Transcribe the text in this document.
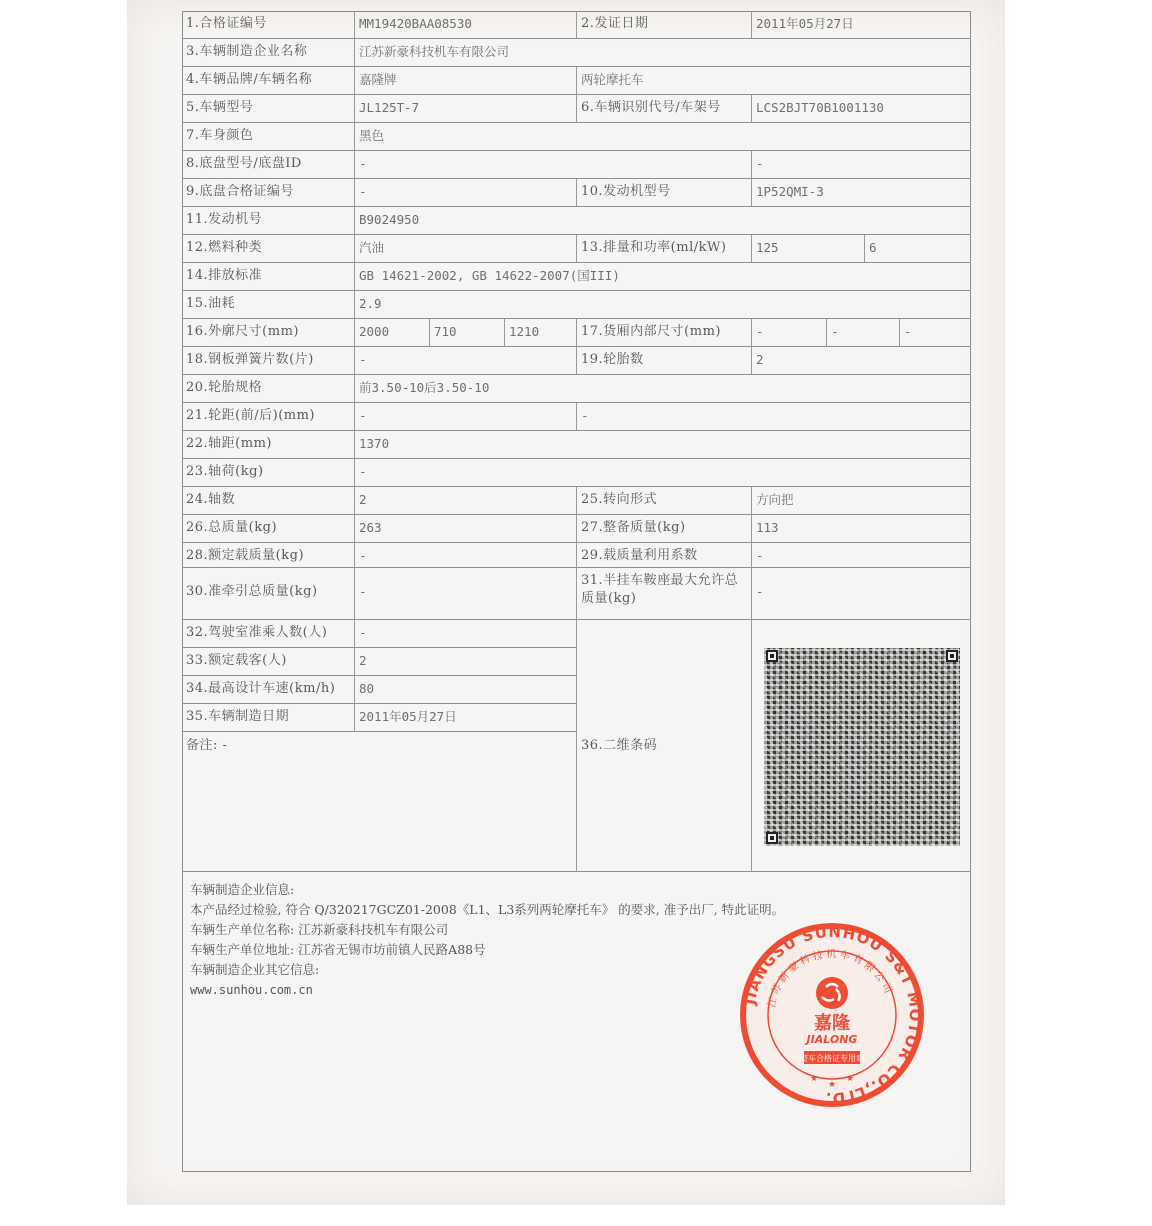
1.合格证编号	MM19420BAA08530	2.发证日期	2011年05月27日
3.车辆制造企业名称	江苏新豪科技机车有限公司
4.车辆品牌/车辆名称	嘉隆牌	两轮摩托车
5.车辆型号	JL125T-7	6.车辆识别代号/车架号	LCS2BJT70B1001130
7.车身颜色	黑色
8.底盘型号/底盘ID	-	-
9.底盘合格证编号	-	10.发动机型号	1P52QMI-3
11.发动机号	B9024950
12.燃料种类	汽油	13.排量和功率(ml/kW)	125	6
14.排放标准	GB 14621-2002, GB 14622-2007(国III)
15.油耗	2.9
16.外廓尺寸(mm)	2000	710	1210	17.货厢内部尺寸(mm)	-	-	-
18.钢板弹簧片数(片)	-	19.轮胎数	2
20.轮胎规格	前3.50-10后3.50-10
21.轮距(前/后)(mm)	-	-
22.轴距(mm)	1370
23.轴荷(kg)	-
24.轴数	2	25.转向形式	方向把
26.总质量(kg)	263	27.整备质量(kg)	113
28.额定载质量(kg)	-	29.载质量利用系数	-
30.准牵引总质量(kg)	-
31.半挂车鞍座最大允许总质量(kg)	-
32.驾驶室准乘人数(人)	-
33.额定载客(人)	2
34.最高设计车速(km/h)	80
35.车辆制造日期	2011年05月27日
备注: -	36.二维条码
车辆制造企业信息:
本产品经过检验, 符合 Q/320217GCZ01-2008《L1、L3系列两轮摩托车》 的要求, 准予出厂, 特此证明。
车辆生产单位名称: 江苏新豪科技机车有限公司
车辆生产单位地址: 江苏省无锡市坊前镇人民路A88号
车辆制造企业其它信息:
www.sunhou.com.cn
JIANGSU SUNHOU S&T MOTOR CO.,LTD.
江苏新豪科技机车有限公司
嘉隆
JIALONG
整车合格证专用章
★
★
★
